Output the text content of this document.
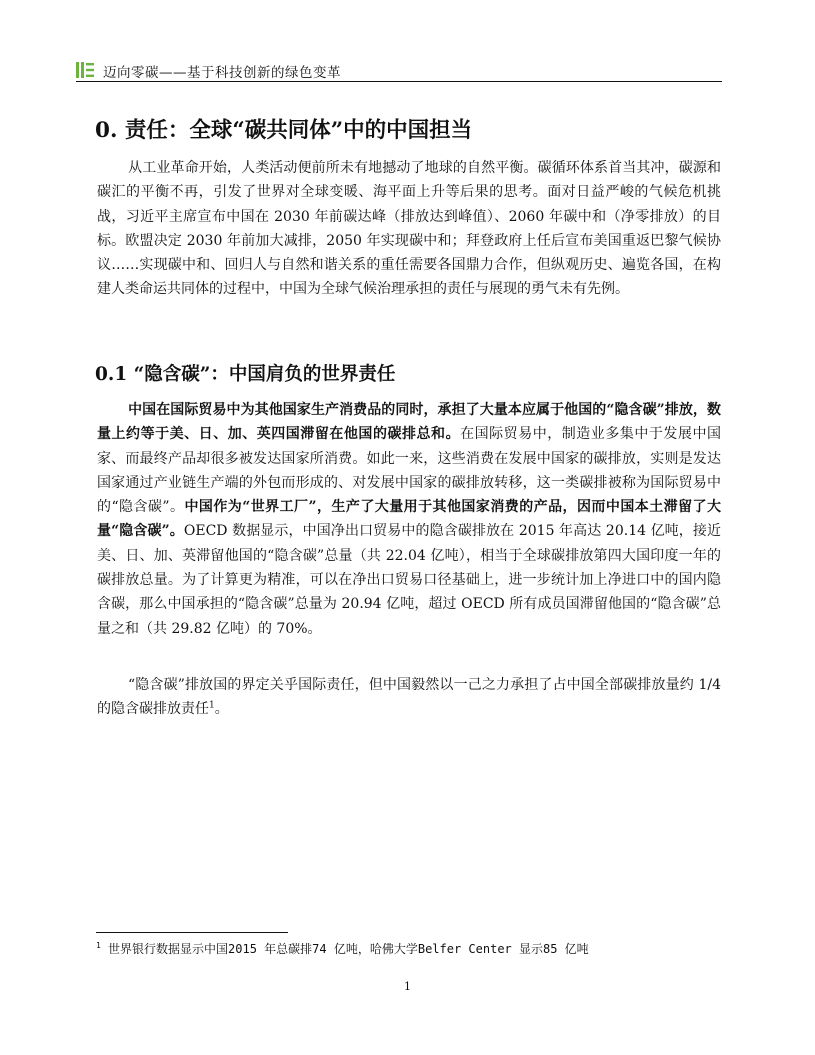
迈向零碳——基于科技创新的绿色变革
0. 责任：全球“碳共同体”中的中国担当

从工业革命开始，人类活动便前所未有地撼动了地球的自然平衡。碳循环体系首当其冲，碳源和碳汇的平衡不再，引发了世界对全球变暖、海平面上升等后果的思考。面对日益严峻的气候危机挑战，习近平主席宣布中国在 2030 年前碳达峰（排放达到峰值）、2060 年碳中和（净零排放）的目标。欧盟决定 2030 年前加大减排，2050 年实现碳中和；拜登政府上任后宣布美国重返巴黎气候协议……实现碳中和、回归人与自然和谐关系的重任需要各国鼎力合作，但纵观历史、遍览各国，在构建人类命运共同体的过程中，中国为全球气候治理承担的责任与展现的勇气未有先例。

0.1 “隐含碳”：中国肩负的世界责任

中国在国际贸易中为其他国家生产消费品的同时，承担了大量本应属于他国的“隐含碳”排放，数量上约等于美、日、加、英四国滞留在他国的碳排总和。在国际贸易中，制造业多集中于发展中国家、而最终产品却很多被发达国家所消费。如此一来，这些消费在发展中国家的碳排放，实则是发达国家通过产业链生产端的外包而形成的、对发展中国家的碳排放转移，这一类碳排被称为国际贸易中的“隐含碳”。中国作为“世界工厂”，生产了大量用于其他国家消费的产品，因而中国本土滞留了大量“隐含碳”。OECD 数据显示，中国净出口贸易中的隐含碳排放在 2015 年高达 20.14 亿吨，接近美、日、加、英滞留他国的“隐含碳”总量（共 22.04 亿吨），相当于全球碳排放第四大国印度一年的碳排放总量。为了计算更为精准，可以在净出口贸易口径基础上，进一步统计加上净进口中的国内隐含碳，那么中国承担的“隐含碳”总量为 20.94 亿吨，超过 OECD 所有成员国滞留他国的“隐含碳”总量之和（共 29.82 亿吨）的 70%。

“隐含碳”排放国的界定关乎国际责任，但中国毅然以一己之力承担了占中国全部碳排放量约 1/4 的隐含碳排放责任$^1$。

$^1$ 世界银行数据显示中国2015 年总碳排74 亿吨，哈佛大学Belfer Center 显示85 亿吨
1
